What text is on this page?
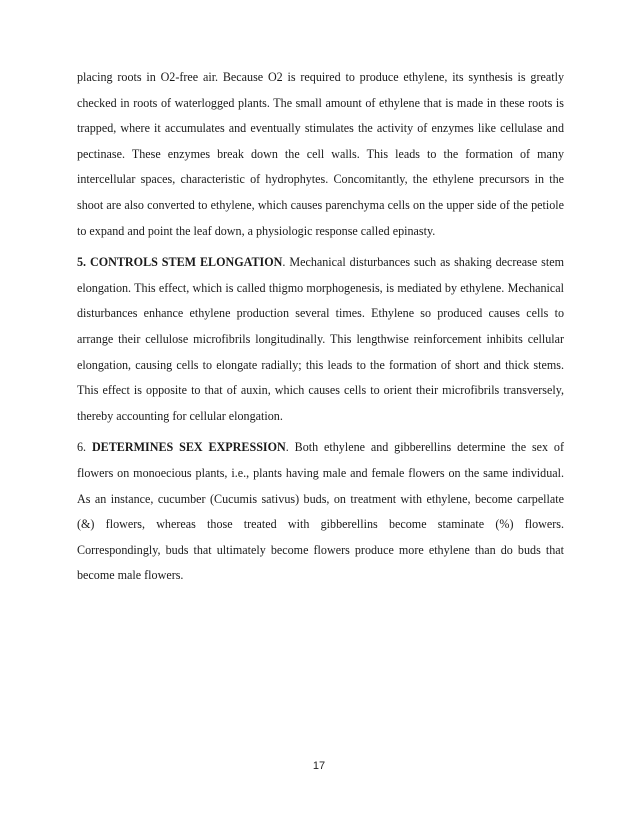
placing roots in O2-free air. Because O2 is required to produce ethylene, its synthesis is greatly checked in roots of waterlogged plants. The small amount of ethylene that is made in these roots is trapped, where it accumulates and eventually stimulates the activity of enzymes like cellulase and pectinase. These enzymes break down the cell walls. This leads to the formation of many intercellular spaces, characteristic of hydrophytes. Concomitantly, the ethylene precursors in the shoot are also converted to ethylene, which causes parenchyma cells on the upper side of the petiole to expand and point the leaf down, a physiologic response called epinasty.

5. CONTROLS STEM ELONGATION. Mechanical disturbances such as shaking decrease stem elongation. This effect, which is called thigmo morphogenesis, is mediated by ethylene. Mechanical disturbances enhance ethylene production several times. Ethylene so produced causes cells to arrange their cellulose microfibrils longitudinally. This lengthwise reinforcement inhibits cellular elongation, causing cells to elongate radially; this leads to the formation of short and thick stems. This effect is opposite to that of auxin, which causes cells to orient their microfibrils transversely, thereby accounting for cellular elongation.

6. DETERMINES SEX EXPRESSION. Both ethylene and gibberellins determine the sex of flowers on monoecious plants, i.e., plants having male and female flowers on the same individual. As an instance, cucumber (Cucumis sativus) buds, on treatment with ethylene, become carpellate (&) flowers, whereas those treated with gibberellins become staminate (%) flowers. Correspondingly, buds that ultimately become flowers produce more ethylene than do buds that become male flowers.

17
